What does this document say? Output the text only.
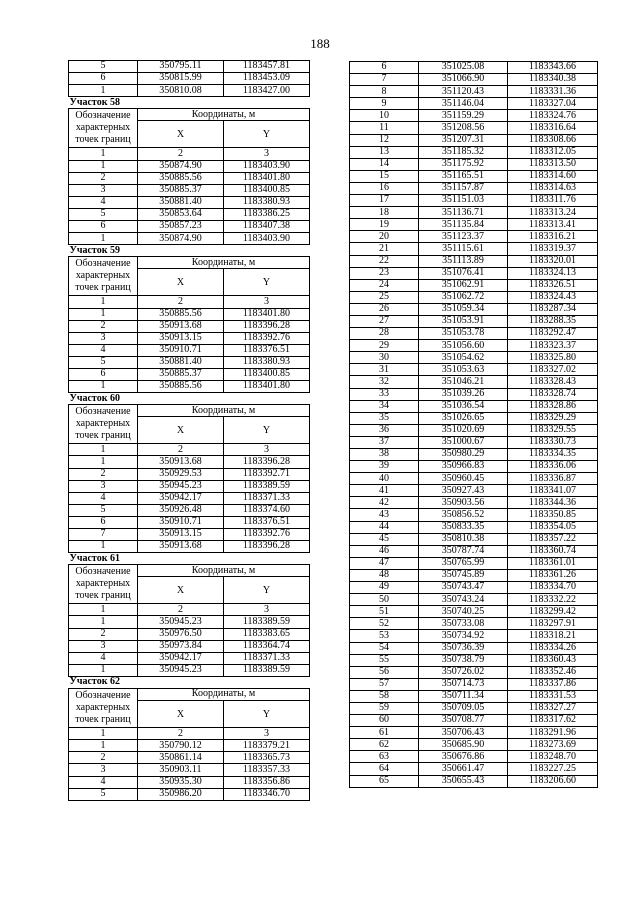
188
5	350795.11	1183457.81
6	350815.99	1183453.09
1	350810.08	1183427.00
Участок 58		

Обозначение
характерных
точек границ	Координаты, м	
	X	Y
1	2	3
1	350874.90	1183403.90
2	350885.56	1183401.80
3	350885.37	1183400.85
4	350881.40	1183380.93
5	350853.64	1183386.25
6	350857.23	1183407.38
1	350874.90	1183403.90
Участок 59		

Обозначение
характерных
точек границ	Координаты, м	
	X	Y
1	2	3
1	350885.56	1183401.80
2	350913.68	1183396.28
3	350913.15	1183392.76
4	350910.71	1183376.51
5	350881.40	1183380.93
6	350885.37	1183400.85
1	350885.56	1183401.80
Участок 60		

Обозначение
характерных
точек границ	Координаты, м	
	X	Y
1	2	3
1	350913.68	1183396.28
2	350929.53	1183392.71
3	350945.23	1183389.59
4	350942.17	1183371.33
5	350926.48	1183374.60
6	350910.71	1183376.51
7	350913.15	1183392.76
1	350913.68	1183396.28
Участок 61		

Обозначение
характерных
точек границ	Координаты, м	
	X	Y
1	2	3
1	350945.23	1183389.59
2	350976.50	1183383.65
3	350973.84	1183364.74
4	350942.17	1183371.33
1	350945.23	1183389.59
Участок 62		

Обозначение
характерных
точек границ	Координаты, м	
	X	Y
1	2	3
1	350790.12	1183379.21
2	350861.14	1183365.73
3	350903.11	1183357.33
4	350935.30	1183356.86
5	350986.20	1183346.70
6	351025.08	1183343.66
7	351066.90	1183340.38
8	351120.43	1183331.36
9	351146.04	1183327.04
10	351159.29	1183324.76
11	351208.56	1183316.64
12	351207.31	1183308.66
13	351185.32	1183312.05
14	351175.92	1183313.50
15	351165.51	1183314.60
16	351157.87	1183314.63
17	351151.03	1183311.76
18	351136.71	1183313.24
19	351135.84	1183313.41
20	351123.37	1183316.21
21	351115.61	1183319.37
22	351113.89	1183320.01
23	351076.41	1183324.13
24	351062.91	1183326.51
25	351062.72	1183324.43
26	351059.34	1183287.34
27	351053.91	1183288.35
28	351053.78	1183292.47
29	351056.60	1183323.37
30	351054.62	1183325.80
31	351053.63	1183327.02
32	351046.21	1183328.43
33	351039.26	1183328.74
34	351036.54	1183328.86
35	351026.65	1183329.29
36	351020.69	1183329.55
37	351000.67	1183330.73
38	350980.29	1183334.35
39	350966.83	1183336.06
40	350960.45	1183336.87
41	350927.43	1183341.07
42	350903.56	1183344.36
43	350856.52	1183350.85
44	350833.35	1183354.05
45	350810.38	1183357.22
46	350787.74	1183360.74
47	350765.99	1183361.01
48	350745.89	1183361.26
49	350743.47	1183334.70
50	350743.24	1183332.22
51	350740.25	1183299.42
52	350733.08	1183297.91
53	350734.92	1183318.21
54	350736.39	1183334.26
55	350738.79	1183360.43
56	350726.02	1183352.46
57	350714.73	1183337.86
58	350711.34	1183331.53
59	350709.05	1183327.27
60	350708.77	1183317.62
61	350706.43	1183291.96
62	350685.90	1183273.69
63	350676.86	1183248.70
64	350661.47	1183227.25
65	350655.43	1183206.60
